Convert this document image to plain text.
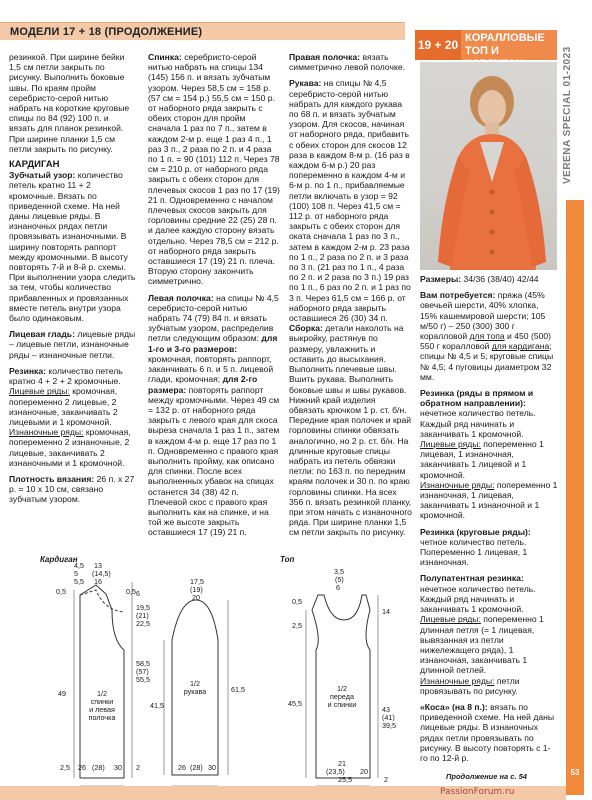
МОДЕЛИ 17 + 18 (ПРОДОЛЖЕНИЕ)
19 + 20 КОРАЛЛОВЫЕ
ТОП И	VERENA SPECIAL 01-2023
53

резинкой. При ширине бейки 1,5 см петли закрыть по рисунку. Выполнить боковые швы. По краям пройм серебристо-серой нитью набрать на короткие круговые спицы по 84 (92) 100 п. и вязать для планок резинкой. При ширине планки 1,5 см петли закрыть по рисунку.

КАРДИГАН

Зубчатый узор: количество петель кратно 11 + 2 кромочные. Вязать по приведенной схеме. На ней даны лицевые ряды. В изнаночных рядах петли провязывать изнаночными. В ширину повторять раппорт между кромочными. В высоту повторять 7-й и 8-й р. схемы. При выполнении узора следить за тем, чтобы количество прибавленных и провязанных вместе петель внутри узора было одинаковым.

Лицевая гладь: лицевые ряды – лицевые петли, изнаночные ряды – изнаночные петли.

Резинка: количество петель кратно 4 + 2 + 2 кромочные.

Лицевые ряды: кромочная, попеременно 2 лицевые, 2 изнаночные, заканчивать 2 лицевыми и 1 кромочной.

Изнаночные ряды: кромочная, попеременно 2 изнаночные, 2 лицевые, заканчивать 2 изнаночными и 1 кромочной.

Плотность вязания: 26 п. x 27 р. = 10 x 10 см, связано зубчатым узором.

Спинка: серебристо-серой нитью набрать на спицы 134 (145) 156 п. и вязать зубчатым узором. Через 58,5 см = 158 р. (57 см = 154 р.) 55,5 см = 150 р. от наборного ряда закрыть с обеих сторон для пройм сначала 1 раз по 7 п., затем в каждом 2-м р. еще 1 раз 4 п., 1 раз 3 п., 2 раза по 2 п. и 4 раза по 1 п. = 90 (101) 112 п. Через 78 см = 210 р. от наборного ряда закрыть с обеих сторон для плечевых скосов 1 раз по 17 (19) 21 п. Одновременно с началом плечевых скосов закрыть для горловины средние 22 (25) 28 п. и далее каждую сторону вязать отдельно. Через 78,5 см = 212 р. от наборного ряда закрыть оставшиеся 17 (19) 21 п. плеча. Вторую сторону закончить симметрично.

Левая полочка: на спицы № 4,5 серебристо-серой нитью набрать 74 (79) 84 п. и вязать зубчатым узором, распределив петли следующим образом: для 1-го и 3-го размеров: кромочная, повторять раппорт, заканчивать 6 п. и 5 п. лицевой глади, кромочная; для 2-го размера: повторять раппорт между кромочными. Через 49 см = 132 р. от наборного ряда закрыть с левого края для скоса выреза сначала 1 раз 1 п., затем в каждом 4-м р. еще 17 раз по 1 п. Одновременно с правого края выполнить пройму, как описано для спинки. После всех выполненных убавок на спицах останется 34 (38) 42 п. Плечевой скос с правого края выполнить как на спинке, и на той же высоте закрыть оставшиеся 17 (19) 21 п.

Правая полочка: вязать симметрично левой полочке.

Рукава: на спицы № 4,5 серебристо-серой нитью набрать для каждого рукава по 68 п. и вязать зубчатым узором. Для скосов, начиная от наборного ряда, прибавить с обеих сторон для скосов 12 раза в каждом 8-м р. (16 раз в каждом 6-м р.) 20 раз попеременно в каждом 4-м и 6-м р. по 1 п., прибавляемые петли включать в узор = 92 (100) 108 п. Через 41,5 см = 112 р. от наборного ряда закрыть с обеих сторон для оката сначала 1 раз по 3 п., затем в каждом 2-м р. 23 раза по 1 п., 2 раза по 2 п. и 3 раза по 3 п. (21 раз по 1 п., 4 раза по 2 п. и 2 раза по 3 п.) 19 раз по 1 п., 6 раз по 2 п. и 1 раз по 3 п. Через 61,5 см = 166 р. от наборного ряда закрыть оставшиеся 26 (30) 34 п.

Сборка: детали наколоть на выкройку, растянув по размеру, увлажнить и оставить до высыхания. Выполнить плечевые швы. Вшить рукава. Выполнить боковые швы и швы рукавов. Нижний край изделия обвязать крючком 1 р. ст. б/н. Передние края полочек и край горловины спинки обвязать аналогично, но 2 р. ст. б/н. На длинные круговые спицы набрать из петель обвязки петли: по 163 п. по передним краям полочек и 30 п. по краю горловины спинки. На всех 356 п. вязать резинкой планку, при этом начать с изнаночного ряда. При ширине планки 1,5 см петли закрыть по рисунку.

Размеры: 34/36 (38/40) 42/44

Вам потребуется: пряжа (45% овечьей шерсти, 40% хлопка, 15% кашемировой шерсти; 105 м/50 г) – 250 (300) 300 г коралловой для топа и 450 (500) 550 г коралловой для кардигана; спицы № 4,5 и 5; круговые спицы № 4,5; 4 пуговицы диаметром 32 мм.

Резинка (ряды в прямом и обратном направлении): нечетное количество петель. Каждый ряд начинать и заканчивать 1 кромочной.

Лицевые ряды: попеременно 1 лицевая, 1 изнаночная, заканчивать 1 лицевой и 1 кромочной.

Изнаночные ряды: попеременно 1 изнаночная, 1 лицевая, заканчивать 1 изнаночной и 1 кромочной.

Резинка (круговые ряды): четное количество петель. Попеременно 1 лицевая, 1 изнаночная.

Полупатентная резинка: нечетное количество петель. Каждый ряд начинать и заканчивать 1 кромочной.

Лицевые ряды: попеременно 1 длинная петля (= 1 лицевая, вывязанная из петли нижележащего ряда), 1 изнаночная, заканчивать 1 длинной петлей.

Изнаночные ряды: петли провязывать по рисунку.

«Коса» (на 8 п.): вязать по приведенной схеме. На ней даны лицевые ряды. В изнаночных рядах петли провязывать по рисунку. В высоту повторять с 1-го по 12-й р.

Продолжение на с. 54
Кардиган	Топ
1/2
спинки
и левая
полочка
1/2
рукава	1/2
переда
и спинки
4,5
5
5,5
13
(14,5)
16
0,5	0,5 6
19,5
(21)
22,5
58,5
(57)
55,5
49
2,5 26 (28) 30 2
17,5
(19)
20
61,5
41,5
26 (28) 30
3,5
(5)
6
0,5
2,5
45,5
43
(41)
39,5
14
21
(23,5)
25,5
20
2
PassionForum.ru
